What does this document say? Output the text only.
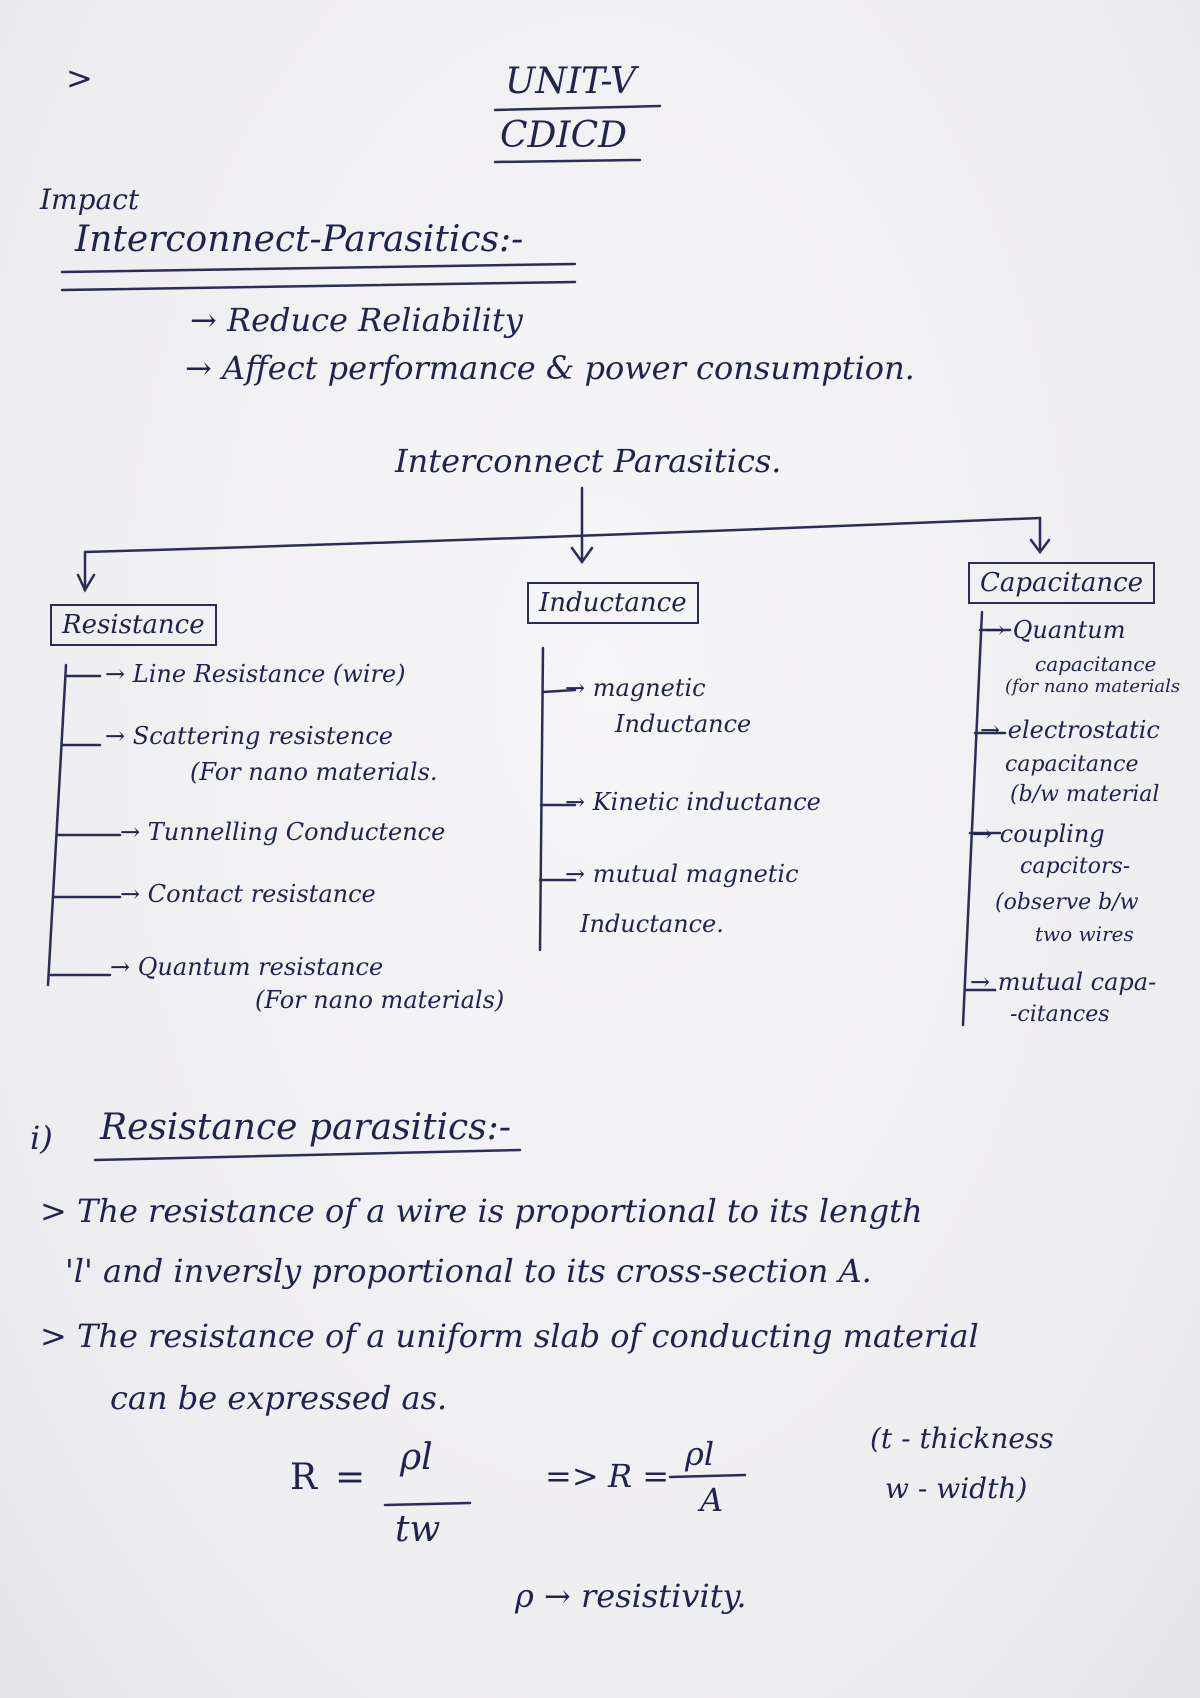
>	UNIT-V
CDICD
Impact
Interconnect-Parasitics:-
→ Reduce Reliability
→ Affect performance & power consumption.
Interconnect Parasitics.
Resistance
Inductance
Capacitance
→ Line Resistance (wire)
→ Scattering resistence
(For nano materials.
→ Tunnelling Conductence
→ Contact resistance
→ Quantum resistance
(For nano materials)
→ magnetic
Inductance
→ Kinetic inductance
→ mutual magnetic
Inductance.
→ Quantum
capacitance
(for nano materials
→ electrostatic
capacitance
(b/w material
→ coupling
capcitors-
(observe b/w
two wires
→ mutual capa-
-citances
i) Resistance parasitics:-
> The resistance of a wire is proportional to its length
'l' and inversly proportional to its cross-section A.
> The resistance of a uniform slab of conducting material
can be expressed as.
R = ρl
tw
=> R =
ρl
A
(t - thickness
w - width)
ρ → resistivity.
